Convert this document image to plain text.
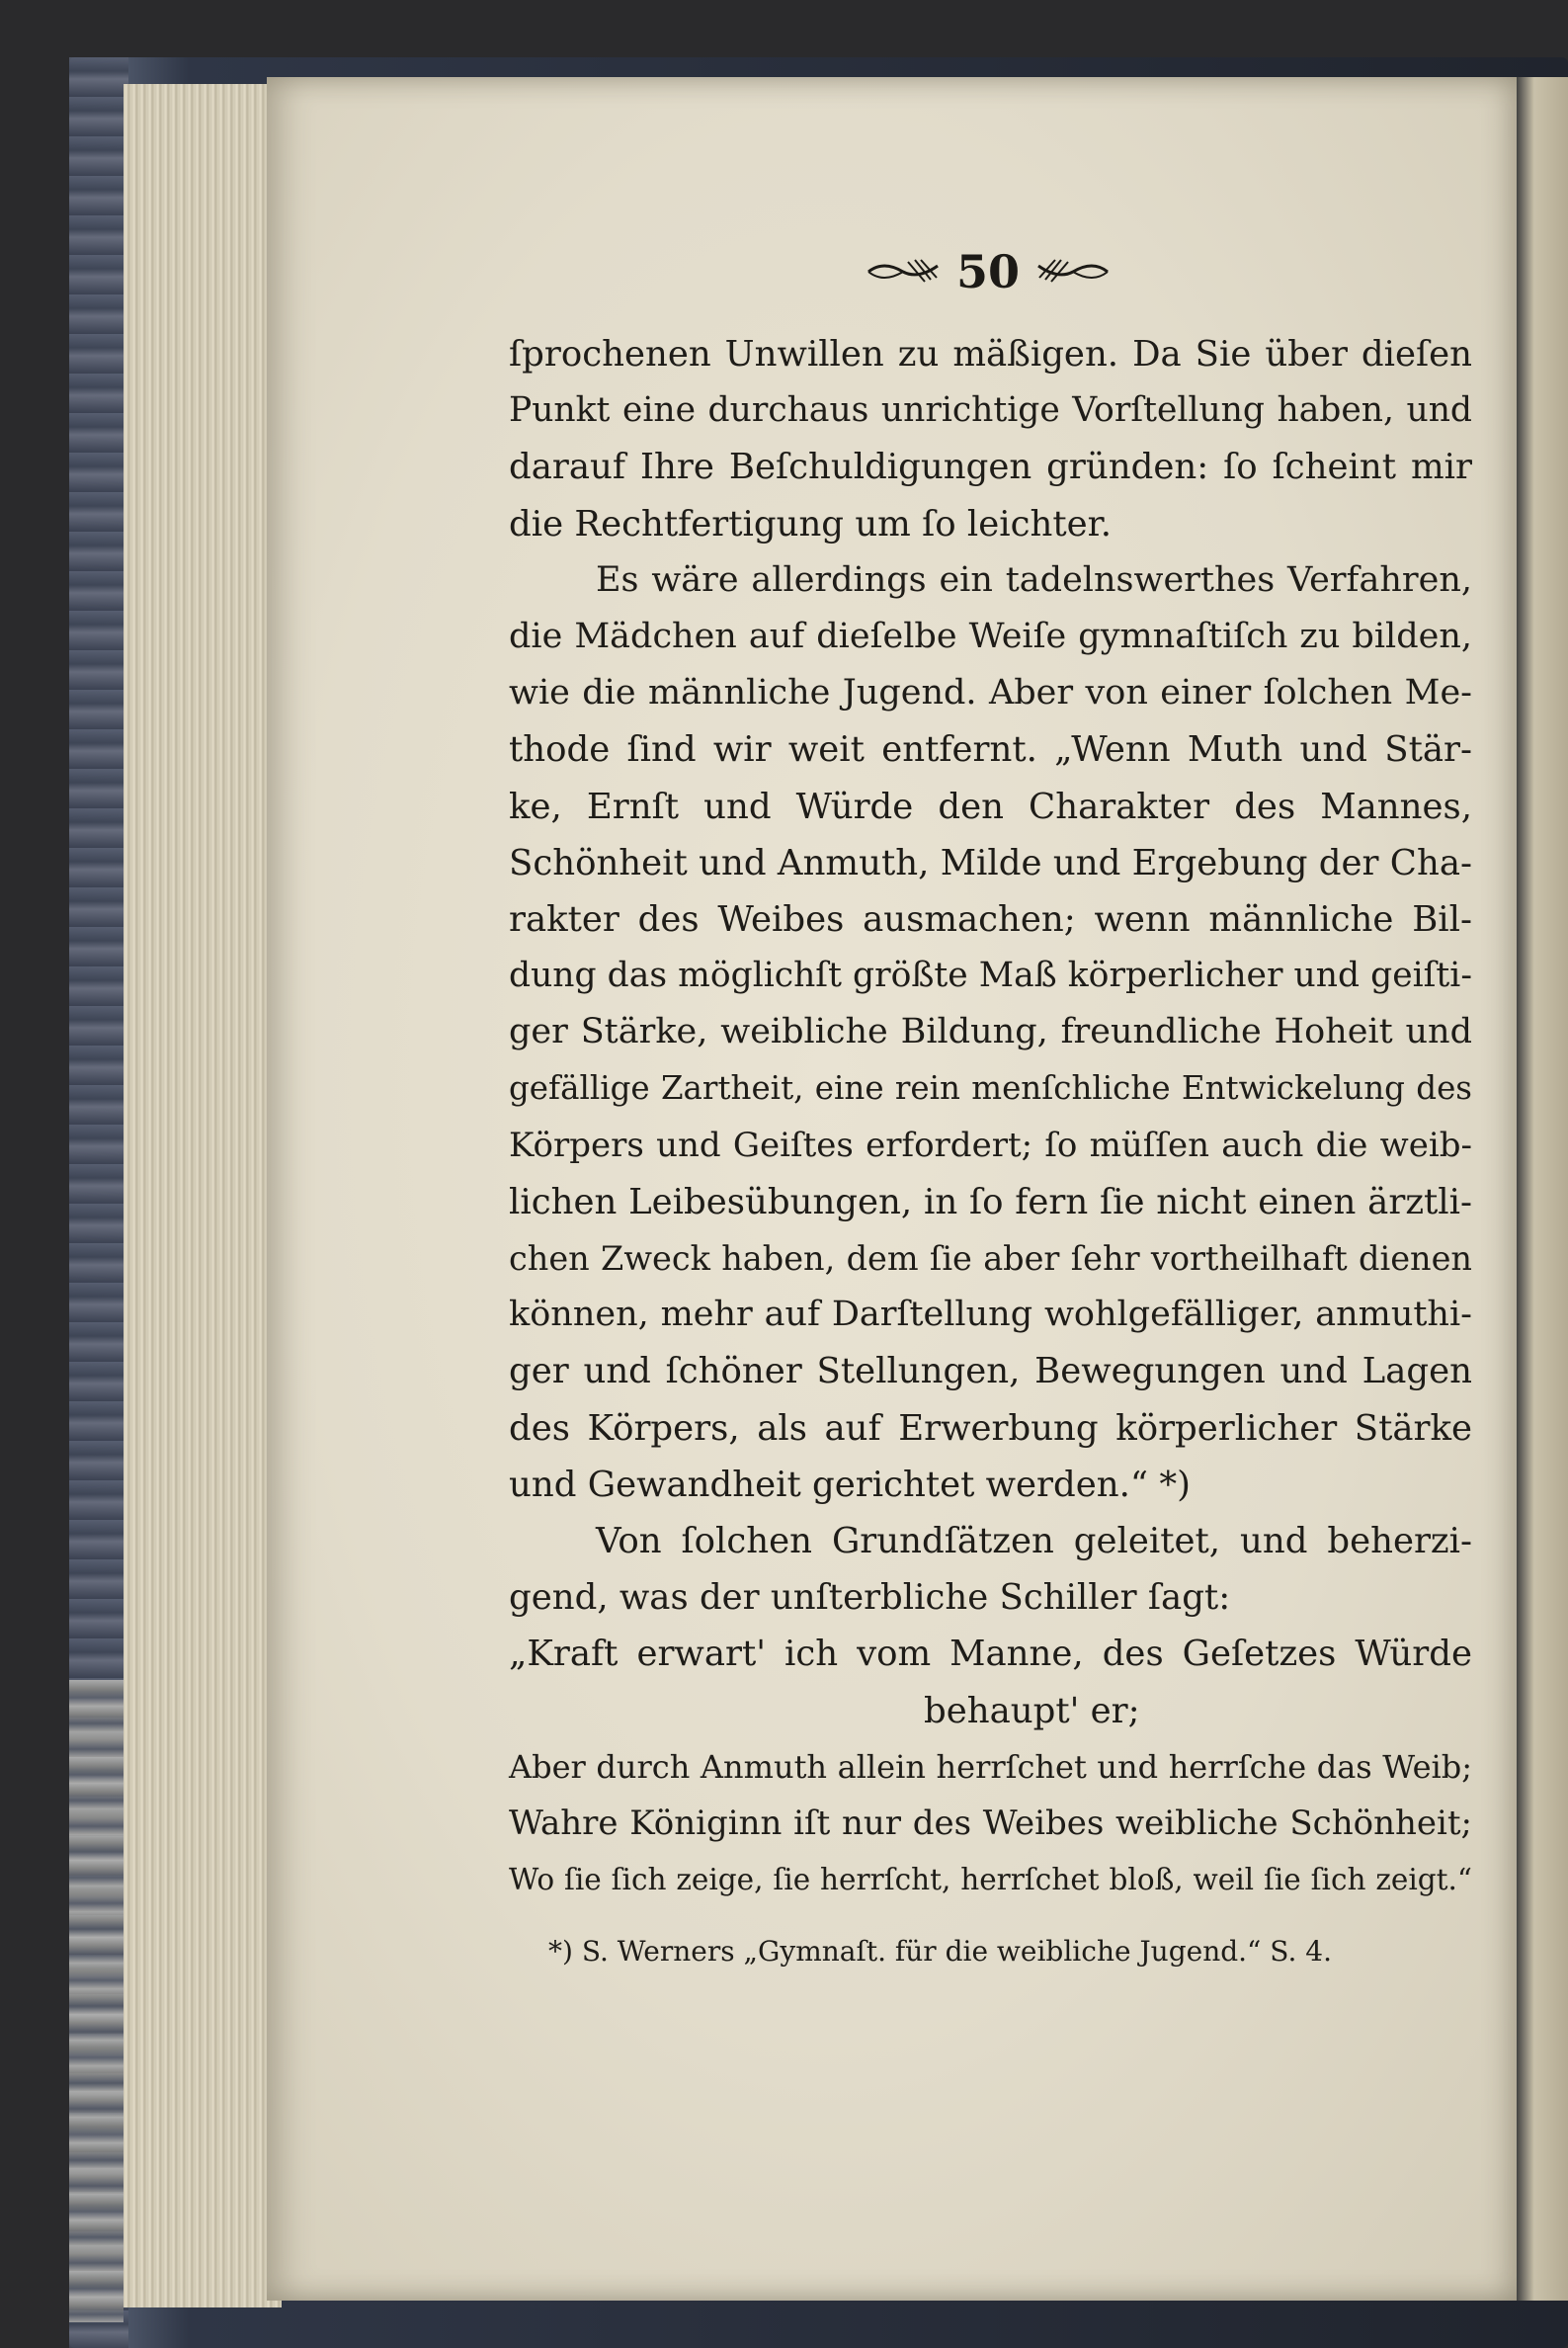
50
ſprochenen Unwillen zu mäßigen. Da Sie über dieſen
Punkt eine durchaus unrichtige Vorſtellung haben, und
darauf Ihre Beſchuldigungen gründen: ſo ſcheint mir
die Rechtfertigung um ſo leichter.
Es wäre allerdings ein tadelnswerthes Verfahren,
die Mädchen auf dieſelbe Weiſe gymnaſtiſch zu bilden,
wie die männliche Jugend. Aber von einer ſolchen Me-
thode ſind wir weit entfernt. „Wenn Muth und Stär-
ke, Ernſt und Würde den Charakter des Mannes,
Schönheit und Anmuth, Milde und Ergebung der Cha-
rakter des Weibes ausmachen; wenn männliche Bil-
dung das möglichſt größte Maß körperlicher und geiſti-
ger Stärke, weibliche Bildung, freundliche Hoheit und
gefällige Zartheit, eine rein menſchliche Entwickelung des
Körpers und Geiſtes erfordert; ſo müſſen auch die weib-
lichen Leibesübungen, in ſo fern ſie nicht einen ärztli-
chen Zweck haben, dem ſie aber ſehr vortheilhaft dienen
können, mehr auf Darſtellung wohlgefälliger, anmuthi-
ger und ſchöner Stellungen, Bewegungen und Lagen
des Körpers, als auf Erwerbung körperlicher Stärke
und Gewandheit gerichtet werden.“ *)
Von ſolchen Grundſätzen geleitet, und beherzi-
gend, was der unſterbliche Schiller ſagt:
„Kraft erwart' ich vom Manne, des Geſetzes Würde
behaupt' er;
Aber durch Anmuth allein herrſchet und herrſche das Weib;
Wahre Königinn iſt nur des Weibes weibliche Schönheit;
Wo ſie ſich zeige, ſie herrſcht, herrſchet bloß, weil ſie ſich zeigt.“
*) S. Werners „Gymnaſt. für die weibliche Jugend.“ S. 4.
